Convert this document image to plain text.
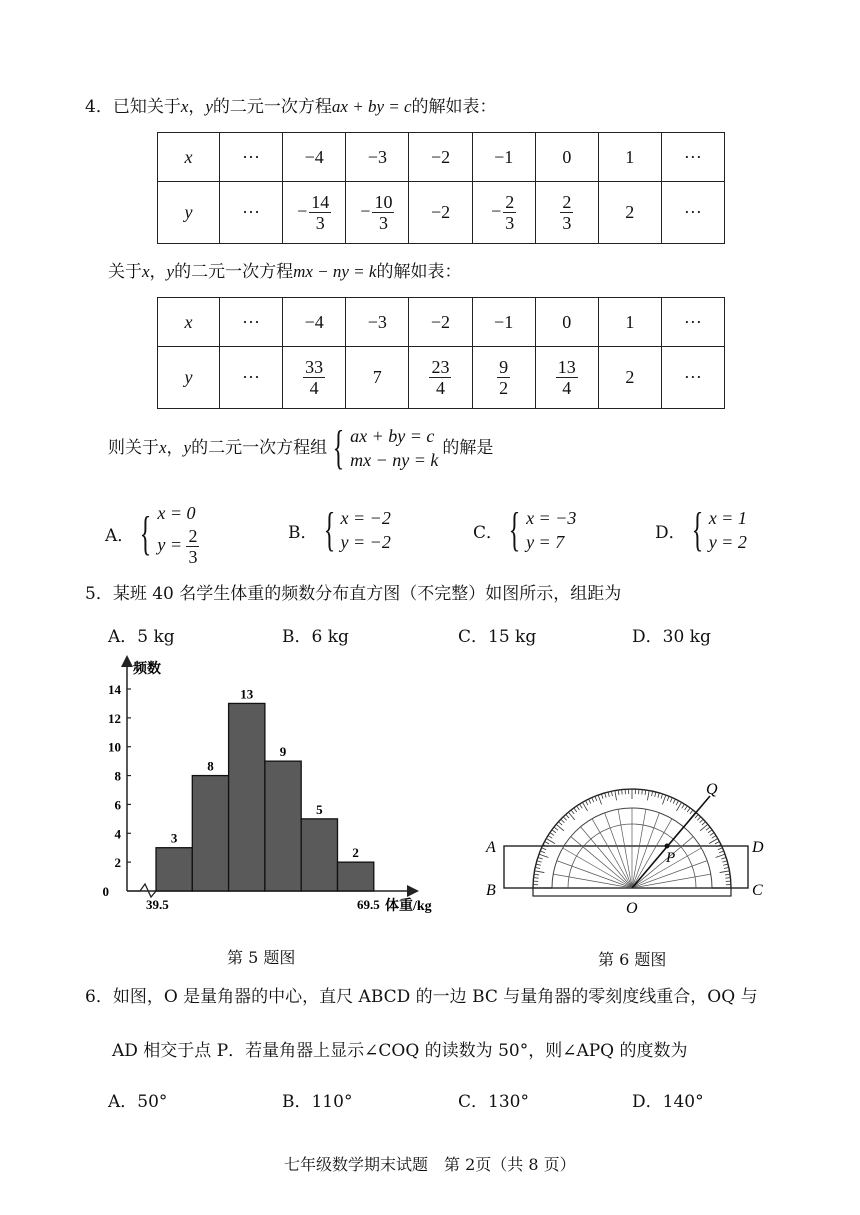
4．已知关于x，y的二元一次方程ax + by = c的解如表：
x	···	−4	−3	−2	−1	0	1	···
y	···	− $\frac{14}{3}$	− $\frac{10}{3}$	−2	− $\frac{2}{3}$	$\frac{2}{3}$	2	···
关于x，y的二元一次方程mx − ny = k的解如表：
x	···	−4	−3	−2	−1	0	1	···
y	···	$\frac{33}{4}$	7	$\frac{23}{4}$	$\frac{9}{2}$	$\frac{13}{4}$	2	···
则关于 x ， y 的二元一次方程组 { ax + by = c
mx − ny = k
的解是
A． { x = 0
$y = \frac{2}{3}$	B． { x = −2
y = −2	C． { x = −3
y = 7	D． { x = 1
y = 2
5．某班 40 名学生体重的频数分布直方图（不完整）如图所示，组距为
A．5 kg	B．6 kg	C．15 kg	D．30 kg
频数
体重/kg
39.5	69.5
0
2
4
6
8
10
12
14
3
8
13
9
5
2
第 5 题图
A
B	C
D
O
P
Q
第 6 题图
6．如图，O 是量角器的中心，直尺 ABCD 的一边 BC 与量角器的零刻度线重合，OQ 与
AD 相交于点 P．若量角器上显示∠COQ 的读数为 50°，则∠APQ 的度数为
A．50°	B．110°	C．130°	D．140°
七年级数学期末试题　第 2页（共 8 页）
